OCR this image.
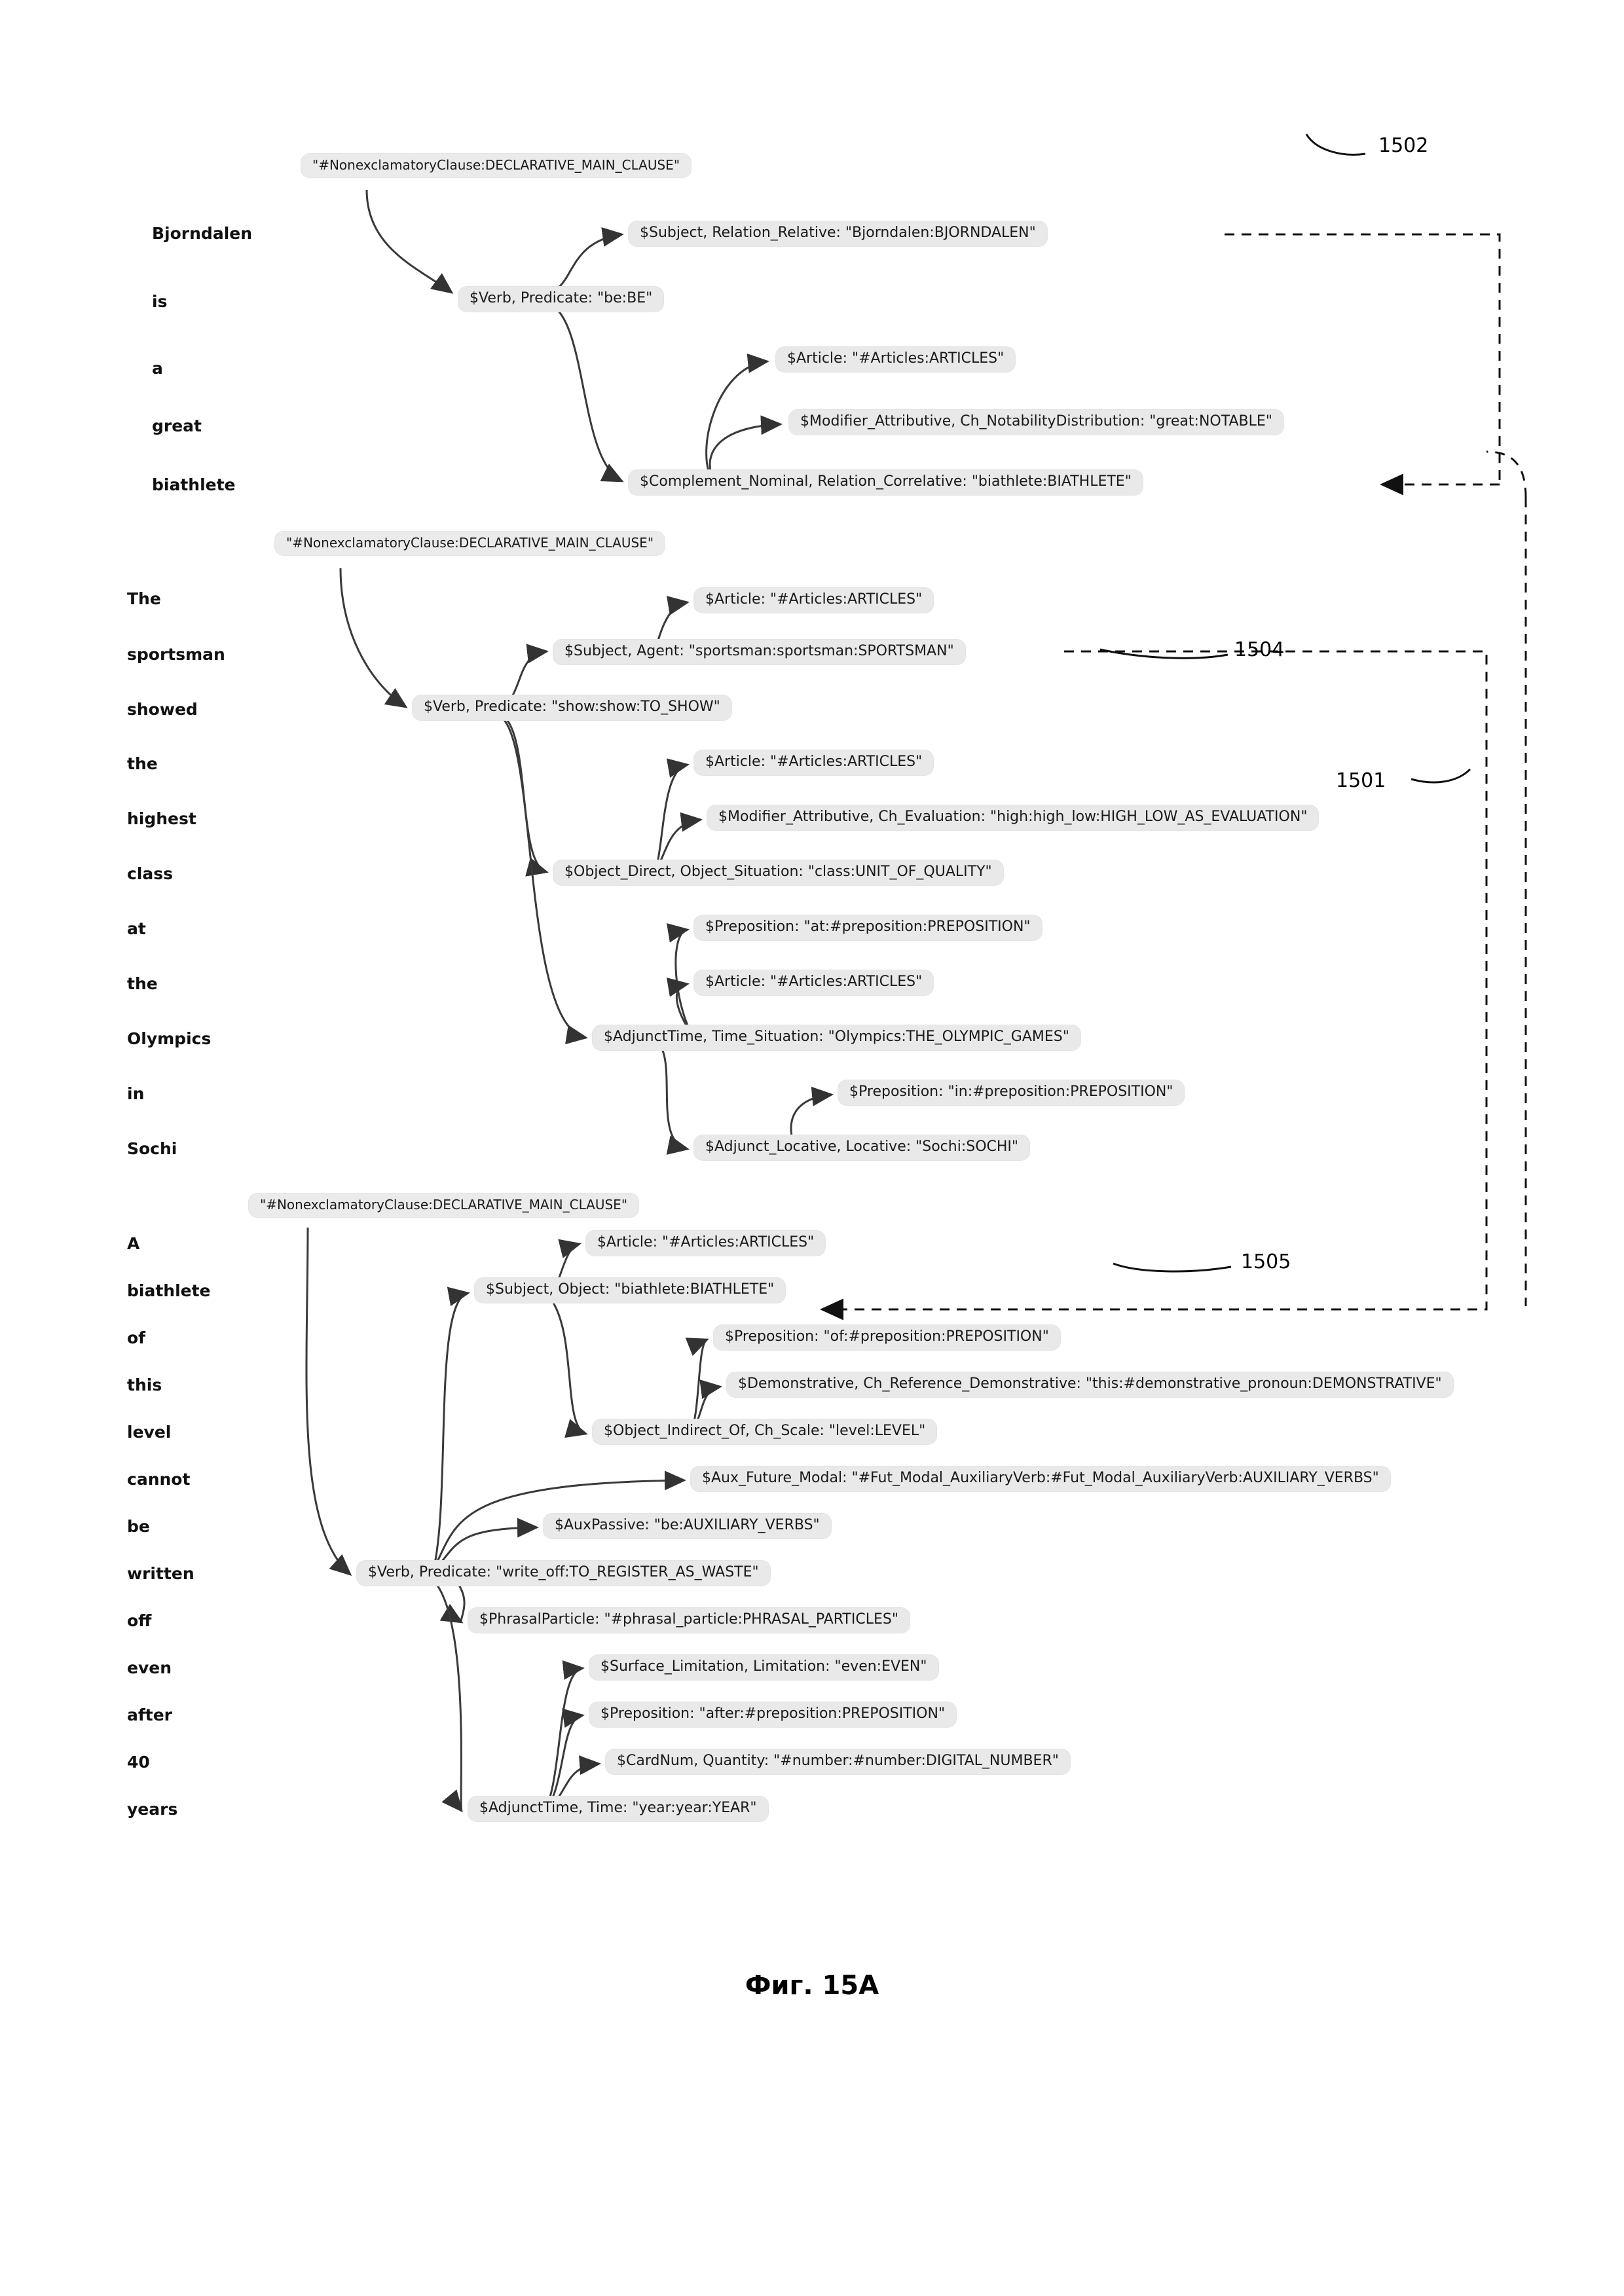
Bjorndalen
is
a
great
biathlete
The
sportsman
showed
the
highest
class
at
the
Olympics
in
Sochi
A
biathlete
of
this
level
cannot
be
written
off
even
after
40
years
"#NonexclamatoryClause:DECLARATIVE_MAIN_CLAUSE"
$Subject, Relation_Relative: "Bjorndalen:BJORNDALEN"
$Verb, Predicate: "be:BE"
$Article: "#Articles:ARTICLES"
$Modifier_Attributive, Ch_NotabilityDistribution: "great:NOTABLE"
$Complement_Nominal, Relation_Correlative: "biathlete:BIATHLETE"
"#NonexclamatoryClause:DECLARATIVE_MAIN_CLAUSE"
$Article: "#Articles:ARTICLES"
$Subject, Agent: "sportsman:sportsman:SPORTSMAN"
$Verb, Predicate: "show:show:TO_SHOW"
$Article: "#Articles:ARTICLES"
$Modifier_Attributive, Ch_Evaluation: "high:high_low:HIGH_LOW_AS_EVALUATION"
$Object_Direct, Object_Situation: "class:UNIT_OF_QUALITY"
$Preposition: "at:#preposition:PREPOSITION"
$Article: "#Articles:ARTICLES"
$AdjunctTime, Time_Situation: "Olympics:THE_OLYMPIC_GAMES"
$Preposition: "in:#preposition:PREPOSITION"
$Adjunct_Locative, Locative: "Sochi:SOCHI"
"#NonexclamatoryClause:DECLARATIVE_MAIN_CLAUSE"
$Article: "#Articles:ARTICLES"
$Subject, Object: "biathlete:BIATHLETE"
$Preposition: "of:#preposition:PREPOSITION"
$Demonstrative, Ch_Reference_Demonstrative: "this:#demonstrative_pronoun:DEMONSTRATIVE"
$Object_Indirect_Of, Ch_Scale: "level:LEVEL"
$Aux_Future_Modal: "#Fut_Modal_AuxiliaryVerb:#Fut_Modal_AuxiliaryVerb:AUXILIARY_VERBS"
$AuxPassive: "be:AUXILIARY_VERBS"
$Verb, Predicate: "write_off:TO_REGISTER_AS_WASTE"
$PhrasalParticle: "#phrasal_particle:PHRASAL_PARTICLES"
$Surface_Limitation, Limitation: "even:EVEN"
$Preposition: "after:#preposition:PREPOSITION"
$CardNum, Quantity: "#number:#number:DIGITAL_NUMBER"
$AdjunctTime, Time: "year:year:YEAR"
1502
1504
1501
1505
Фиг. 15А
